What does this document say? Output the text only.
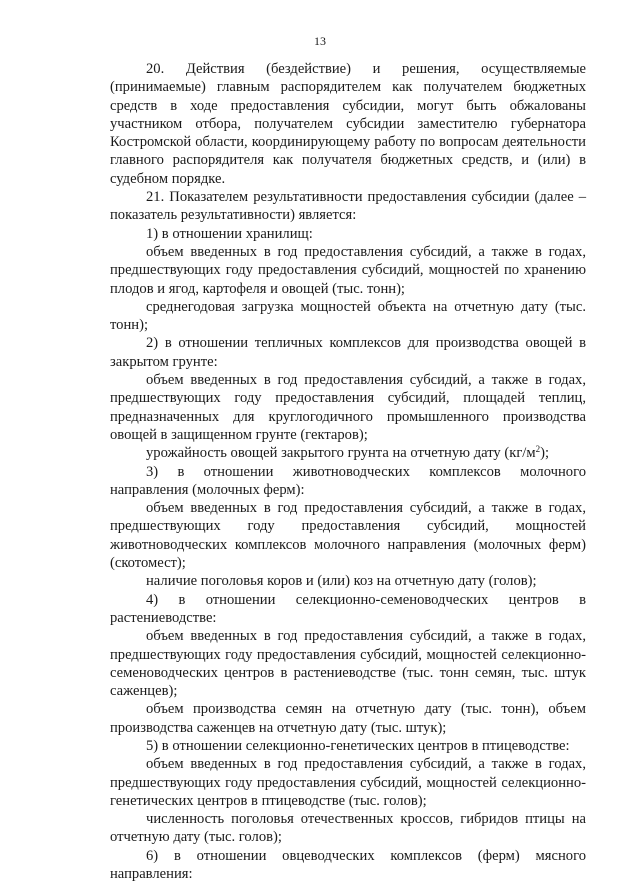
13

20. Действия (бездействие) и решения, осуществляемые (принимаемые) главным распорядителем как получателем бюджетных средств в ходе предоставления субсидии, могут быть обжалованы участником отбора, получателем субсидии заместителю губернатора Костромской области, координирующему работу по вопросам деятельности главного распорядителя как получателя бюджетных средств, и (или) в судебном порядке.

21. Показателем результативности предоставления субсидии (далее – показатель результативности) является:

1) в отношении хранилищ:

объем введенных в год предоставления субсидий, а также в годах, предшествующих году предоставления субсидий, мощностей по хранению плодов и ягод, картофеля и овощей (тыс. тонн);

среднегодовая загрузка мощностей объекта на отчетную дату (тыс. тонн);

2) в отношении тепличных комплексов для производства овощей в закрытом грунте:

объем введенных в год предоставления субсидий, а также в годах, предшествующих году предоставления субсидий, площадей теплиц, предназначенных для круглогодичного промышленного производства овощей в защищенном грунте (гектаров);

урожайность овощей закрытого грунта на отчетную дату $(кг/м^2)$;

3) в отношении животноводческих комплексов молочного направления (молочных ферм):

объем введенных в год предоставления субсидий, а также в годах, предшествующих году предоставления субсидий, мощностей животноводческих комплексов молочного направления (молочных ферм) (скотомест);

наличие поголовья коров и (или) коз на отчетную дату (голов);

4) в отношении селекционно-семеноводческих центров в растениеводстве:

объем введенных в год предоставления субсидий, а также в годах, предшествующих году предоставления субсидий, мощностей селекционно-семеноводческих центров в растениеводстве (тыс. тонн семян, тыс. штук саженцев);

объем производства семян на отчетную дату (тыс. тонн), объем производства саженцев на отчетную дату (тыс. штук);

5) в отношении селекционно-генетических центров в птицеводстве:

объем введенных в год предоставления субсидий, а также в годах, предшествующих году предоставления субсидий, мощностей селекционно-генетических центров в птицеводстве (тыс. голов);

численность поголовья отечественных кроссов, гибридов птицы на отчетную дату (тыс. голов);

6) в отношении овцеводческих комплексов (ферм) мясного направления:
